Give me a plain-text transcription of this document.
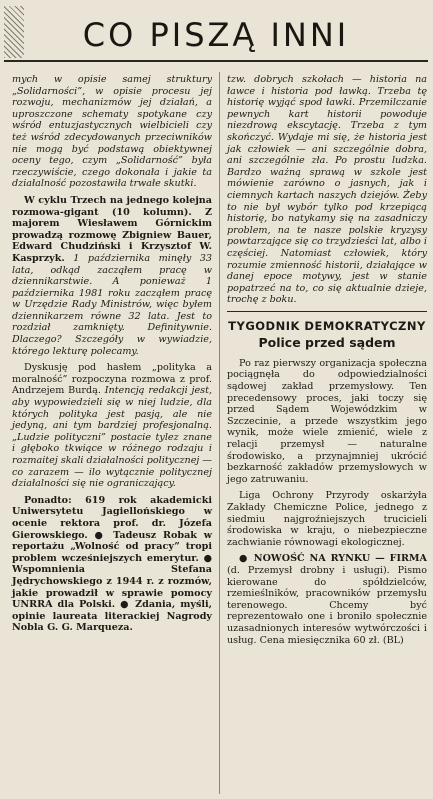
CO PISZĄ INNI

mych w opisie samej struktury „Solidarności”, w opisie procesu jej rozwoju, mechanizmów jej działań, a uproszczone schematy spotykane czy wśród entuzjastycznych wielbicieli czy też wśród zdecydowanych przeciwników nie mogą być podstawą obiektywnej oceny tego, czym „Solidarność” była rzeczywiście, czego dokonała i jakie ta działalność pozostawiła trwałe skutki.

W cyklu Trzech na jednego kolejna rozmowa-gigant (10 kolumn). Z majorem Wiesławem Górnickim prowadzą rozmowę Zbigniew Bauer, Edward Chudziński i Krzysztof W. Kasprzyk. 1 października minęły 33 lata, odkąd zacząłem pracę w dziennikarstwie. A ponieważ 1 października 1981 roku zacząłem pracę w Urzędzie Rady Ministrów, więc byłem dziennikarzem równe 32 lata. Jest to rozdział zamknięty. Definitywnie. Dlaczego? Szczegóły w wywiadzie, którego lekturę polecamy.

Dyskusję pod hasłem „polityka a moralność” rozpoczyna rozmowa z prof. Andrzejem Burdą. Intencją redakcji jest, aby wypowiedzieli się w niej ludzie, dla których polityka jest pasją, ale nie jedyną, ani tym bardziej profesjonalną. „Ludzie polityczni” postacie tylez znane i głęboko tkwiące w różnego rodzaju i rozmaitej skali działalności politycznej — co zarazem — ilo wytącznie politycznej działalności się nie ograniczający.

Ponadto: 619 rok akademicki Uniwersytetu Jagiellońskiego w ocenie rektora prof. dr. Józefa Gierowskiego. ● Tadeusz Robak w reportażu „Wolność od pracy” tropi problem wcześniejszych emerytur. ● Wspomnienia Stefana Jędrychowskiego z 1944 r. z rozmów, jakie prowadził w sprawie pomocy UNRRA dla Polski. ● Zdania, myśli, opinie laureata literackiej Nagrody Nobla G. G. Marqueza.

tzw. dobrych szkołach — historia na ławce i historia pod ławką. Trzeba tę historię wyjąć spod ławki. Przemilczanie pewnych kart historii powoduje niezdrową ekscytację. Trzeba z tym skończyć. Wydaje mi się, że historia jest jak człowiek — ani szczególnie dobra, ani szczególnie zła. Po prostu ludzka. Bardzo ważną sprawą w szkole jest mówienie zarówno o jasnych, jak i ciemnych kartach naszych dziejów. Żeby to nie był wybór tylko pod krzepiącą historię, bo natykamy się na zasadniczy problem, na te nasze polskie kryzysy powtarzające się co trzydzieści lat, albo i częściej. Natomiast człowiek, który rozumie zmienność historii, działające w danej epoce motywy, jest w stanie popatrzeć na to, co się aktualnie dzieje, trochę z boku.

TYGODNIK DEMOKRATYCZNY
Police przed sądem

Po raz pierwszy organizacja społeczna pociągnęła do odpowiedzialności sądowej zakład przemysłowy. Ten precedensowy proces, jaki toczy się przed Sądem Wojewódzkim w Szczecinie, a przede wszystkim jego wynik, może wiele zmienić, wiele z relacji przemysł — naturalne środowisko, a przynajmniej ukrócić bezkarność zakładów przemysłowych w jego zatruwaniu.

Liga Ochrony Przyrody oskarżyła Zakłady Chemiczne Police, jednego z siedmiu najgroźniejszych trucicieli środowiska w kraju, o niebezpieczne zachwianie równowagi ekologicznej.

● NOWOŚĆ NA RYNKU — FIRMA (d. Przemysł drobny i usługi). Pismo kierowane do spółdzielców, rzemieślników, pracowników przemysłu terenowego. Chcemy być reprezentowało one i broniło społecznie uzasadnionych interesów wytwórczości i usług. Cena miesięcznika 60 zł. (BL)
